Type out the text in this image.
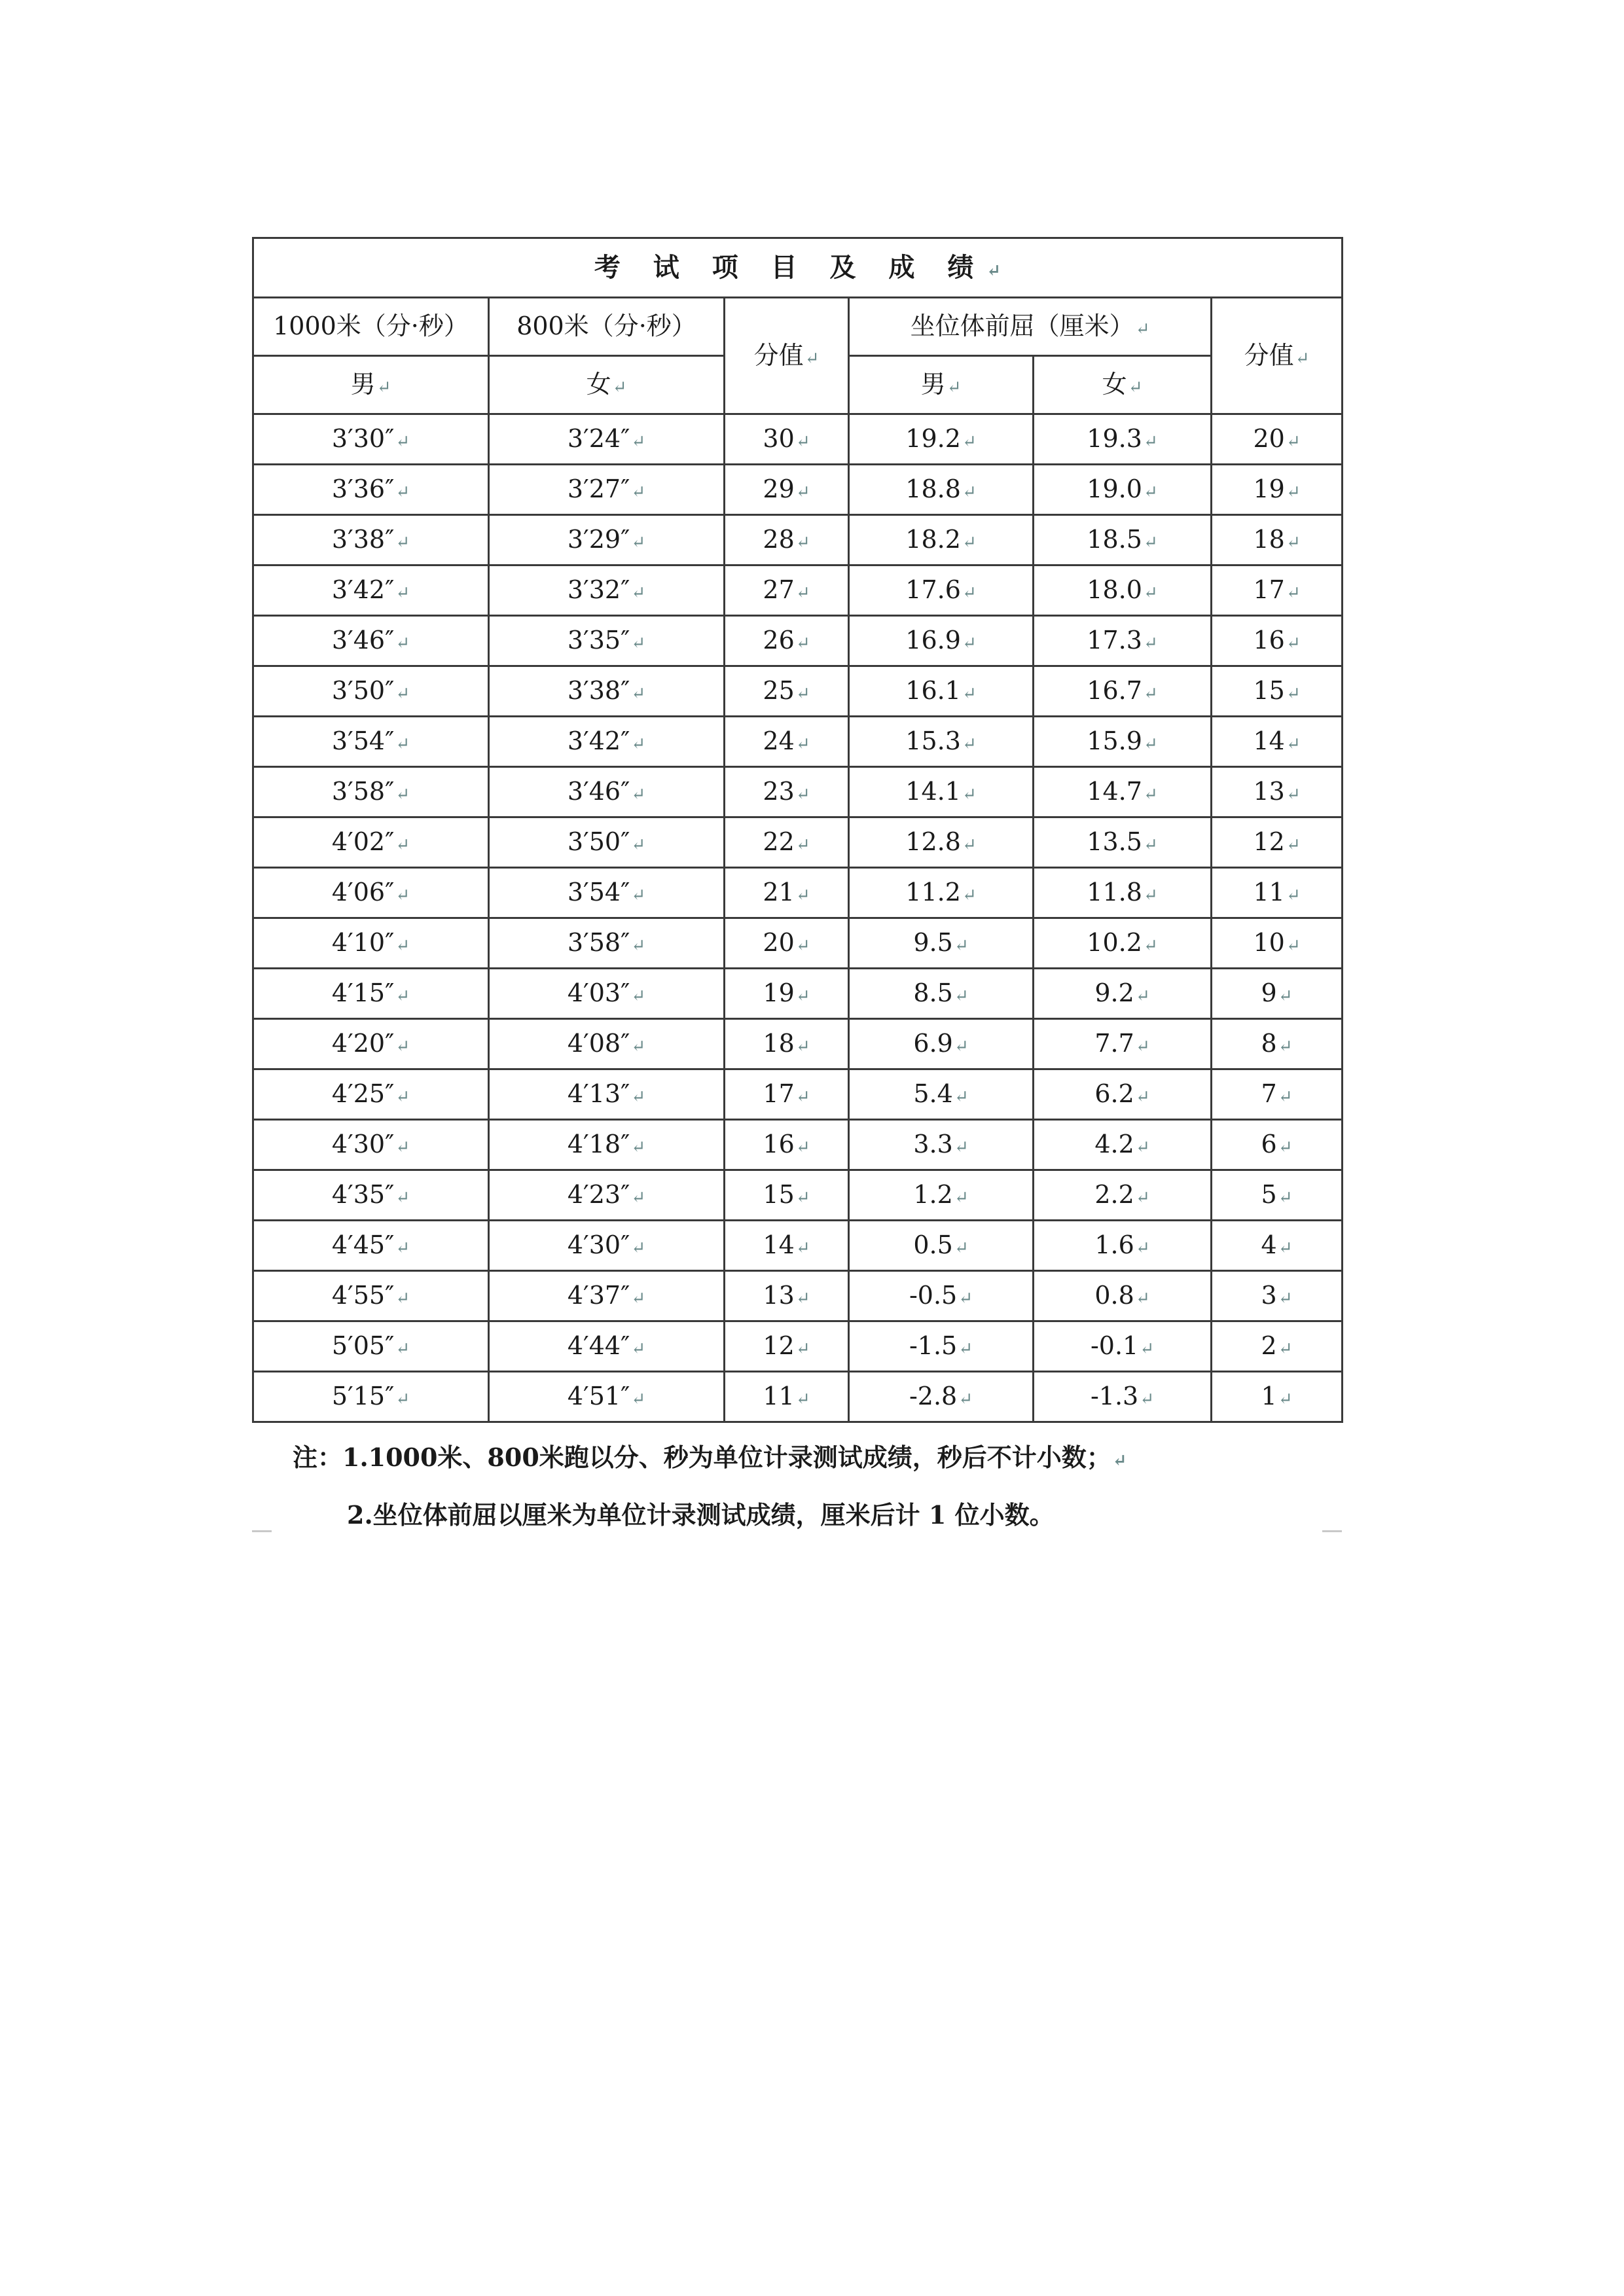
考 试 项 目 及 成 绩↵					
1000米（分·秒）	800米（分·秒）	分值↵	坐位体前屈（厘米）↵		分值↵
男↵	女↵		男↵	女↵	
3′30″↵	3′24″↵	30↵	19.2↵	19.3↵	20↵
3′36″↵	3′27″↵	29↵	18.8↵	19.0↵	19↵
3′38″↵	3′29″↵	28↵	18.2↵	18.5↵	18↵
3′42″↵	3′32″↵	27↵	17.6↵	18.0↵	17↵
3′46″↵	3′35″↵	26↵	16.9↵	17.3↵	16↵
3′50″↵	3′38″↵	25↵	16.1↵	16.7↵	15↵
3′54″↵	3′42″↵	24↵	15.3↵	15.9↵	14↵
3′58″↵	3′46″↵	23↵	14.1↵	14.7↵	13↵
4′02″↵	3′50″↵	22↵	12.8↵	13.5↵	12↵
4′06″↵	3′54″↵	21↵	11.2↵	11.8↵	11↵
4′10″↵	3′58″↵	20↵	9.5↵	10.2↵	10↵
4′15″↵	4′03″↵	19↵	8.5↵	9.2↵	9↵
4′20″↵	4′08″↵	18↵	6.9↵	7.7↵	8↵
4′25″↵	4′13″↵	17↵	5.4↵	6.2↵	7↵
4′30″↵	4′18″↵	16↵	3.3↵	4.2↵	6↵
4′35″↵	4′23″↵	15↵	1.2↵	2.2↵	5↵
4′45″↵	4′30″↵	14↵	0.5↵	1.6↵	4↵
4′55″↵	4′37″↵	13↵	-0.5↵	0.8↵	3↵
5′05″↵	4′44″↵	12↵	-1.5↵	-0.1↵	2↵
5′15″↵	4′51″↵	11↵	-2.8↵	-1.3↵	1↵
注：1.1000米、800米跑以分、秒为单位计录测试成绩，秒后不计小数；↵
2.坐位体前屈以厘米为单位计录测试成绩，厘米后计 1 位小数。
